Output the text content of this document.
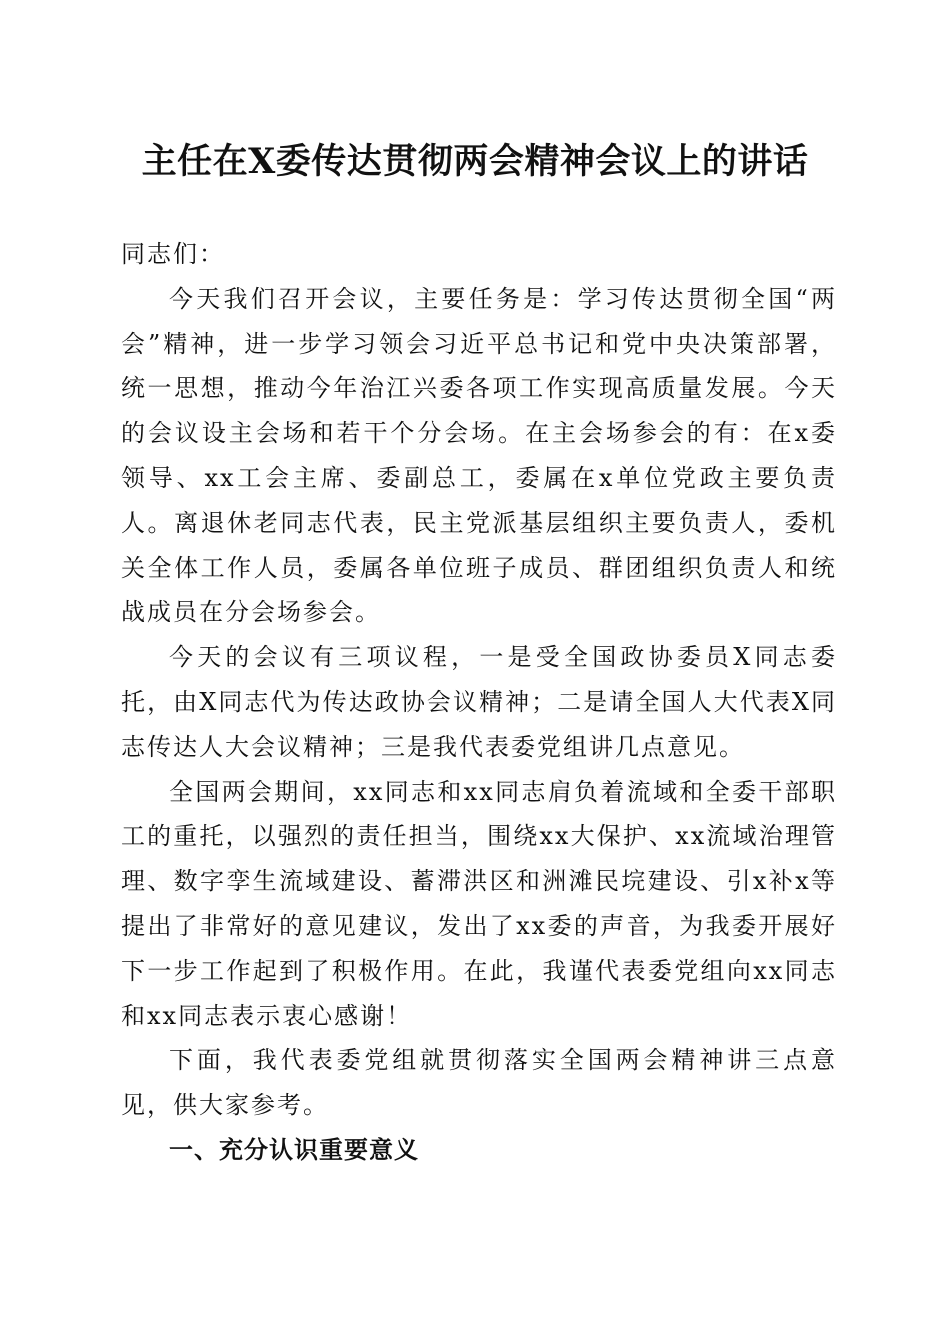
主任在X委传达贯彻两会精神会议上的讲话

同志们：

今天我们召开会议，主要任务是：学习传达贯彻全国“两会”精神，进一步学习领会习近平总书记和党中央决策部署，统一思想，推动今年治江兴委各项工作实现高质量发展。今天的会议设主会场和若干个分会场。在主会场参会的有：在x委领导、xx工会主席、委副总工，委属在x单位党政主要负责人。离退休老同志代表，民主党派基层组织主要负责人，委机关全体工作人员，委属各单位班子成员、群团组织负责人和统战成员在分会场参会。

今天的会议有三项议程，一是受全国政协委员X同志委托，由X同志代为传达政协会议精神；二是请全国人大代表X同志传达人大会议精神；三是我代表委党组讲几点意见。

全国两会期间，xx同志和xx同志肩负着流域和全委干部职工的重托，以强烈的责任担当，围绕xx大保护、xx流域治理管理、数字孪生流域建设、蓄滞洪区和洲滩民垸建设、引x补x等提出了非常好的意见建议，发出了xx委的声音，为我委开展好下一步工作起到了积极作用。在此，我谨代表委党组向xx同志和xx同志表示衷心感谢！

下面，我代表委党组就贯彻落实全国两会精神讲三点意见，供大家参考。

一、充分认识重要意义
